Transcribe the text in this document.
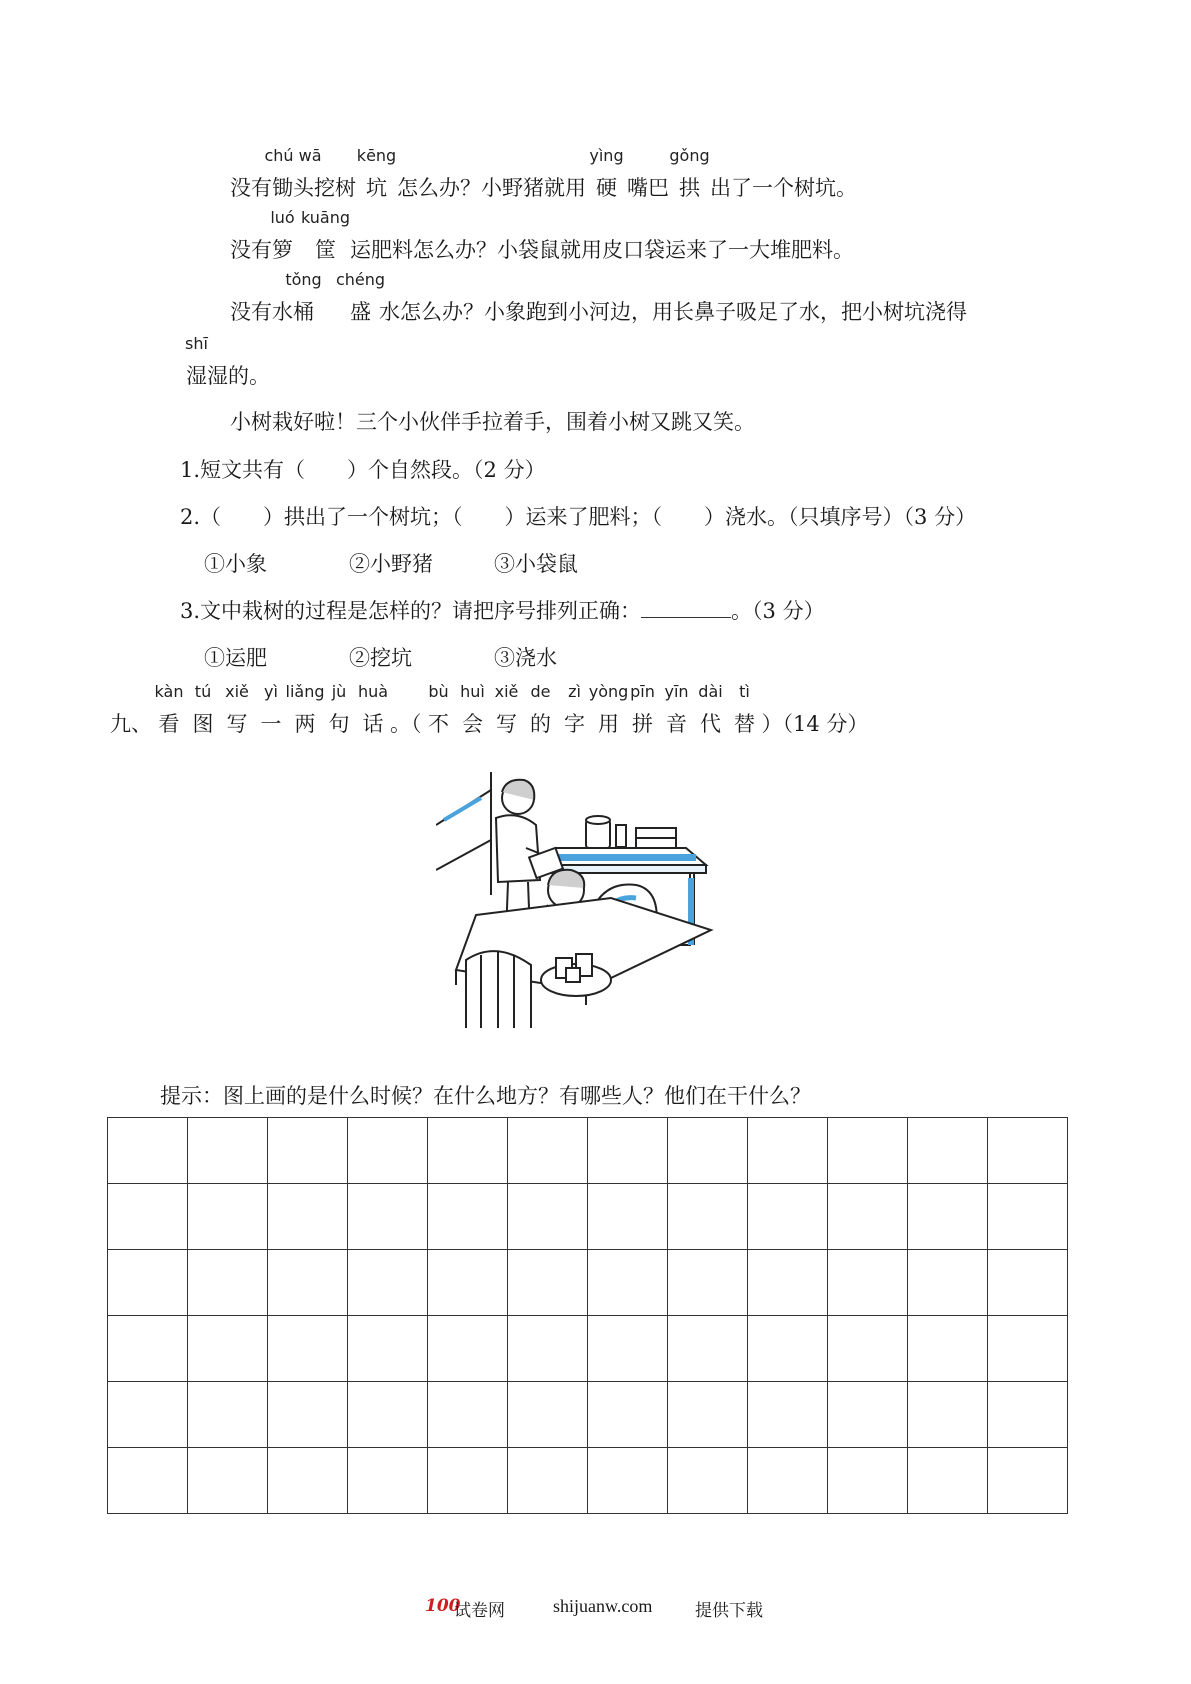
没有锄头
chú wā
挖树 坑
kēng
怎么办？小野猪就用 硬
yìng
嘴巴 拱
gǒng
出了一个树坑。
没有箩
luó
筐
kuāng
运肥料怎么办？小袋鼠就用皮口袋运来了一大堆肥料。
没有水桶
tǒng
盛
chéng
水怎么办？小象跑到小河边，用长鼻子吸足了水，把小树坑浇得
湿
shī
湿的。
小树栽好啦！三个小伙伴手拉着手，围着小树又跳又笑。
1.短文共有（　　）个自然段。（2 分）
2.（　　）拱出了一个树坑；（　　）运来了肥料；（　　）浇水。（只填序号）（3 分）
①小象	②小野猪	③小袋鼠
3.文中栽树的过程是怎样的？请把序号排列正确：	。（3 分）
①运肥	②挖坑	③浇水
九、 看
kàn
图
tú
写
xiě
一
yì
两
liǎng
句
jù
话
huà
。（ 不
bù
会
huì
写
xiě
的
de
字
zì
用
yòng
拼
pīn
音
yīn
代
dài
替
tì
）（14 分）
提示：图上画的是什么时候？在什么地方？有哪些人？他们在干什么？

100
试卷网	shijuanw.com	提供下载
